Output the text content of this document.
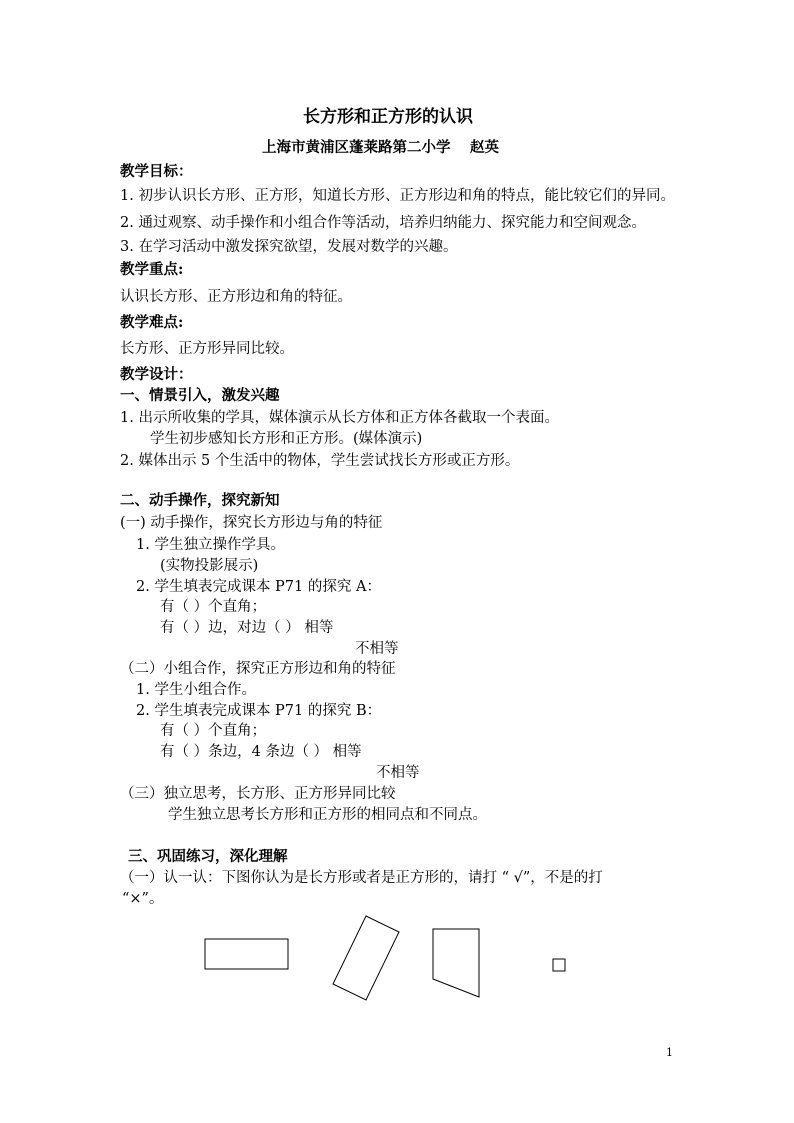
长方形和正方形的认识
上海市黄浦区蓬莱路第二小学　 赵英
教学目标：
1. 初步认识长方形、正方形，知道长方形、正方形边和角的特点，能比较它们的异同。
2. 通过观察、动手操作和小组合作等活动，培养归纳能力、探究能力和空间观念。
3. 在学习活动中激发探究欲望，发展对数学的兴趣。
教学重点:
认识长方形、正方形边和角的特征。
教学难点:
长方形、正方形异同比较。
教学设计：
一、情景引入，激发兴趣
1. 出示所收集的学具，媒体演示从长方体和正方体各截取一个表面。
学生初步感知长方形和正方形。(媒体演示)
2. 媒体出示 5 个生活中的物体，学生尝试找长方形或正方形。
二、动手操作，探究新知
(一) 动手操作，探究长方形边与角的特征
1. 学生独立操作学具。
(实物投影展示)
2. 学生填表完成课本 P71 的探究 A：
有（ ）个直角；
有（ ）边，对边（ ） 相等
不相等
（二）小组合作，探究正方形边和角的特征
1. 学生小组合作。
2. 学生填表完成课本 P71 的探究 B：
有（ ）个直角；
有（ ）条边，4 条边（ ） 相等
不相等
（三）独立思考，长方形、正方形异同比较
学生独立思考长方形和正方形的相同点和不同点。
三、巩固练习，深化理解
（一）认一认：下图你认为是长方形或者是正方形的，请打 “ √”，不是的打
“×”。
1
